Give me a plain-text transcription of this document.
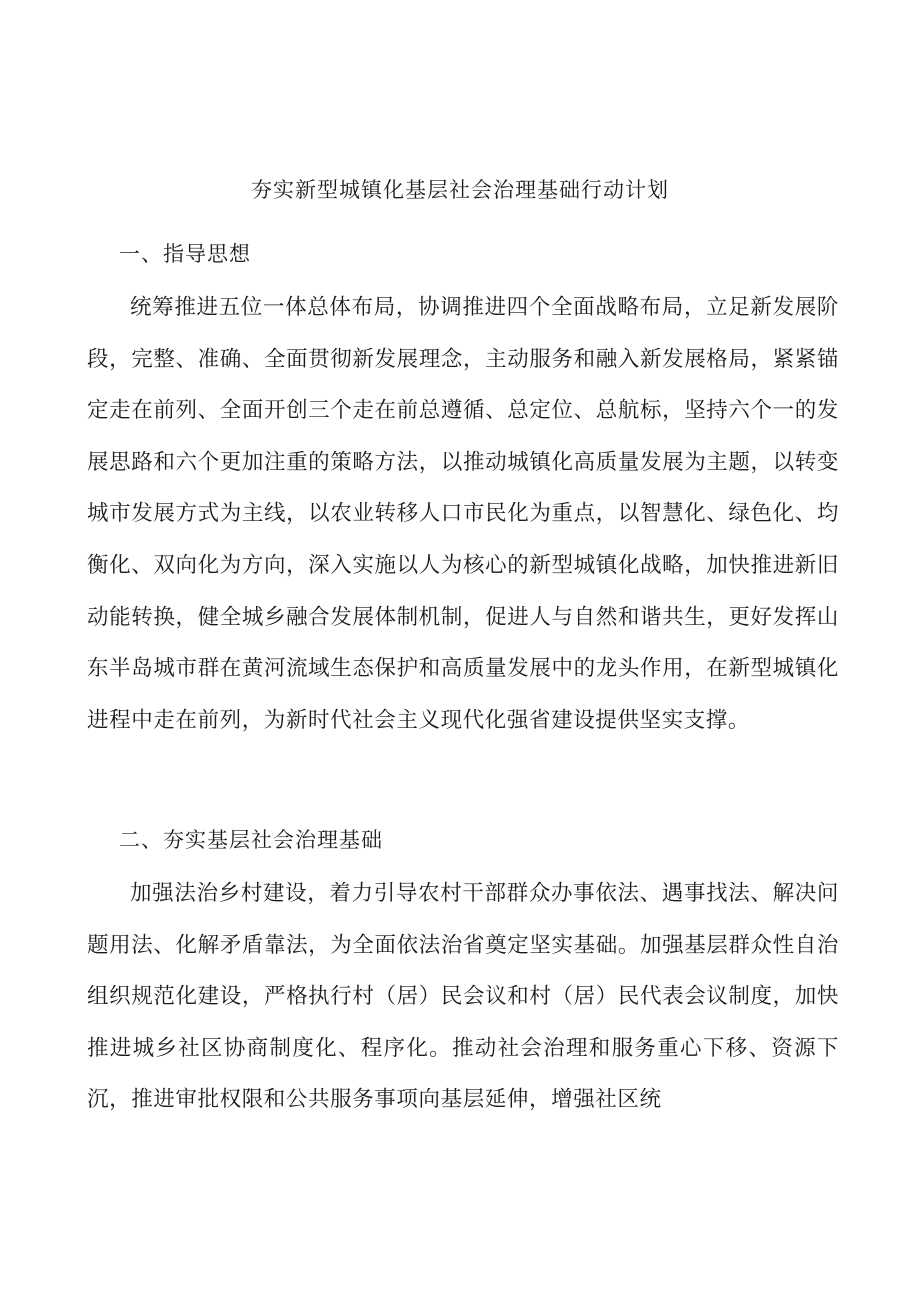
夯实新型城镇化基层社会治理基础行动计划
一、指导思想

统筹推进五位一体总体布局，协调推进四个全面战略布局，立足新发展阶段，完整、准确、全面贯彻新发展理念，主动服务和融入新发展格局，紧紧锚定走在前列、全面开创三个走在前总遵循、总定位、总航标，坚持六个一的发展思路和六个更加注重的策略方法，以推动城镇化高质量发展为主题，以转变城市发展方式为主线，以农业转移人口市民化为重点，以智慧化、绿色化、均衡化、双向化为方向，深入实施以人为核心的新型城镇化战略，加快推进新旧动能转换，健全城乡融合发展体制机制，促进人与自然和谐共生，更好发挥山东半岛城市群在黄河流域生态保护和高质量发展中的龙头作用，在新型城镇化进程中走在前列，为新时代社会主义现代化强省建设提供坚实支撑。

二、夯实基层社会治理基础

加强法治乡村建设，着力引导农村干部群众办事依法、遇事找法、解决问题用法、化解矛盾靠法，为全面依法治省奠定坚实基础。加强基层群众性自治组织规范化建设，严格执行村（居）民会议和村（居）民代表会议制度，加快推进城乡社区协商制度化、程序化。推动社会治理和服务重心下移、资源下沉，推进审批权限和公共服务事项向基层延伸，增强社区统
